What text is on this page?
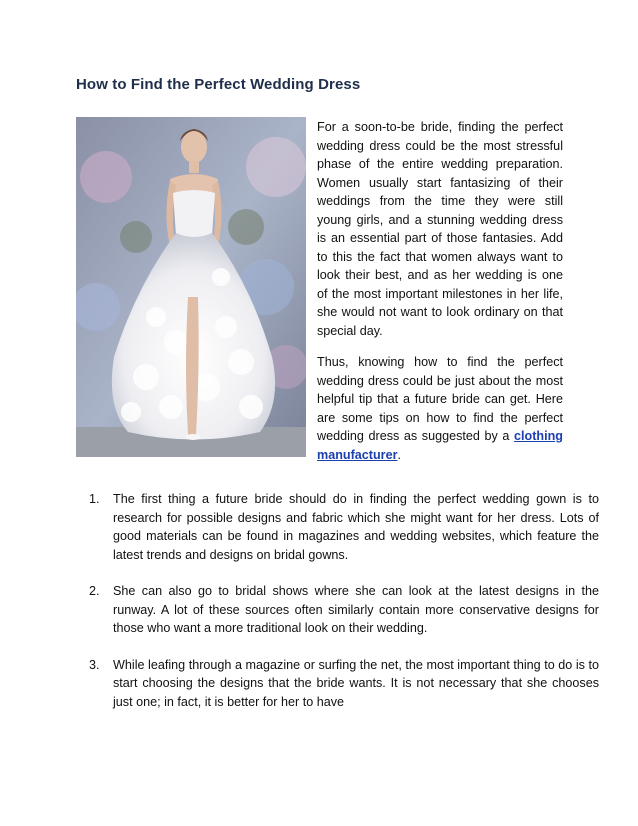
How to Find the Perfect Wedding Dress

For a soon-to-be bride, finding the perfect wedding dress could be the most stressful phase of the entire wedding preparation. Women usually start fantasizing of their weddings from the time they were still young girls, and a stunning wedding dress is an essential part of those fantasies. Add to this the fact that women always want to look their best, and as her wedding is one of the most important milestones in her life, she would not want to look ordinary on that special day.

Thus, knowing how to find the perfect wedding dress could be just about the most helpful tip that a future bride can get. Here are some tips on how to find the perfect wedding dress as suggested by a clothing manufacturer.

1.	The first thing a future bride should do in finding the perfect wedding gown is to research for possible designs and fabric which she might want for her dress. Lots of good materials can be found in magazines and wedding websites, which feature the latest trends and designs on bridal gowns.
2.	She can also go to bridal shows where she can look at the latest designs in the runway. A lot of these sources often similarly contain more conservative designs for those who want a more traditional look on their wedding.
3.	While leafing through a magazine or surfing the net, the most important thing to do is to start choosing the designs that the bride wants. It is not necessary that she chooses just one; in fact, it is better for her to have
